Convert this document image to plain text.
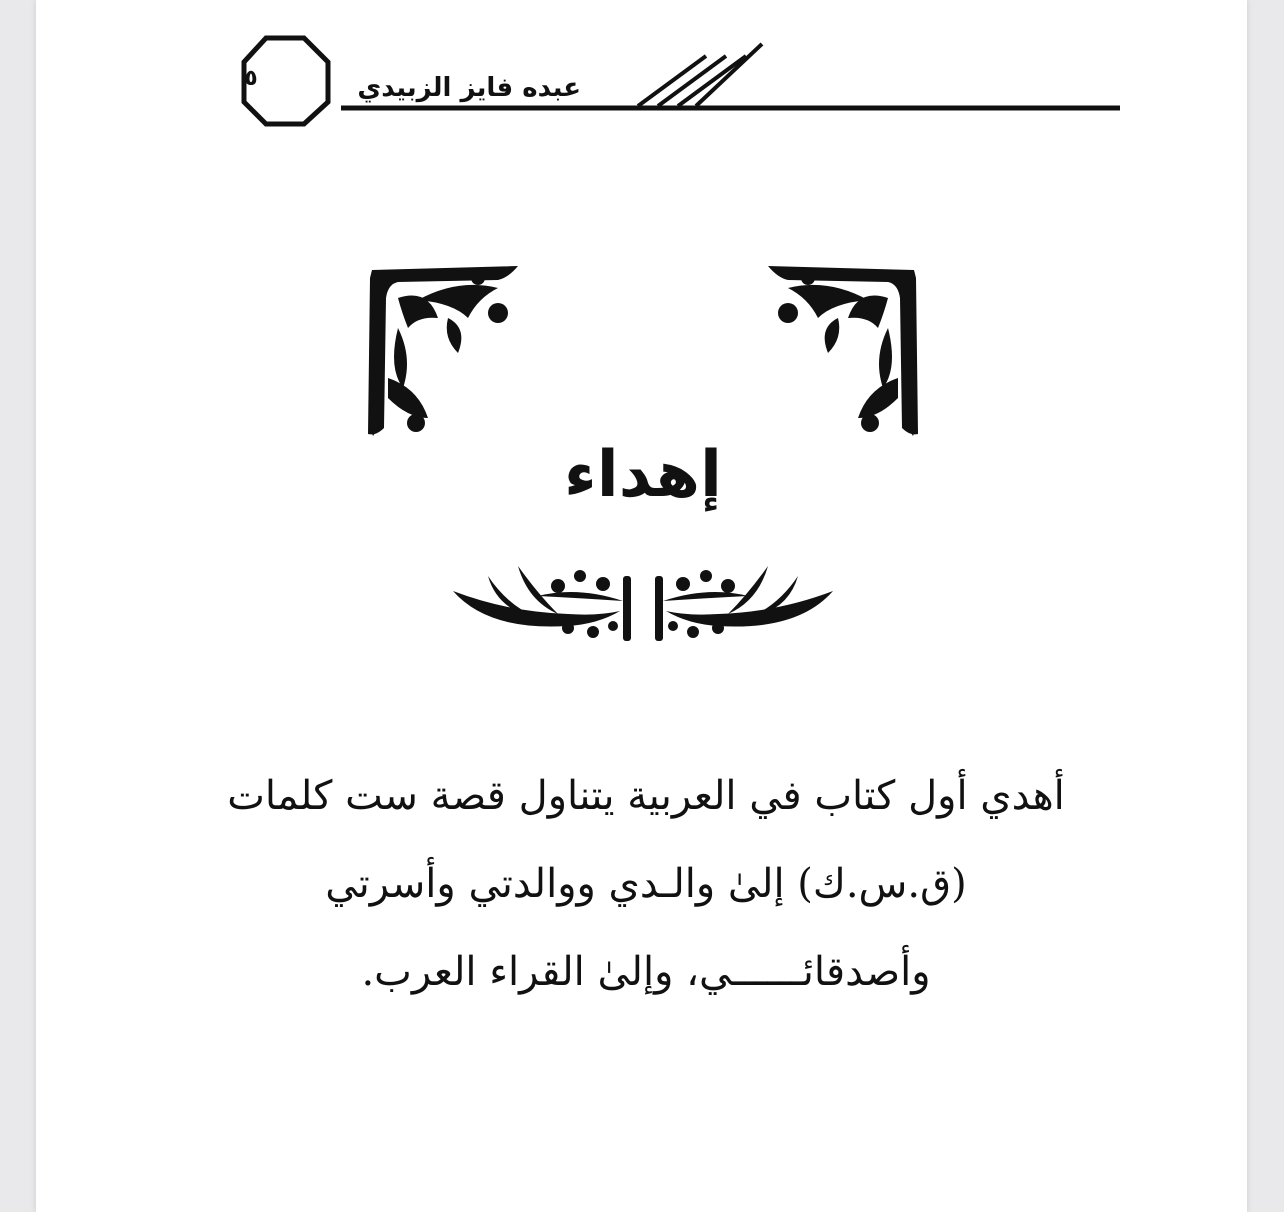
٥	عبده فايز الزبيدي
إهداء
أهدي أول كتاب في العربية يتناول قصة ست كلمات (ق.س.ك) إلىٰ والـدي ووالدتي وأسرتي وأصدقائــــــي، وإلىٰ القراء العرب.
